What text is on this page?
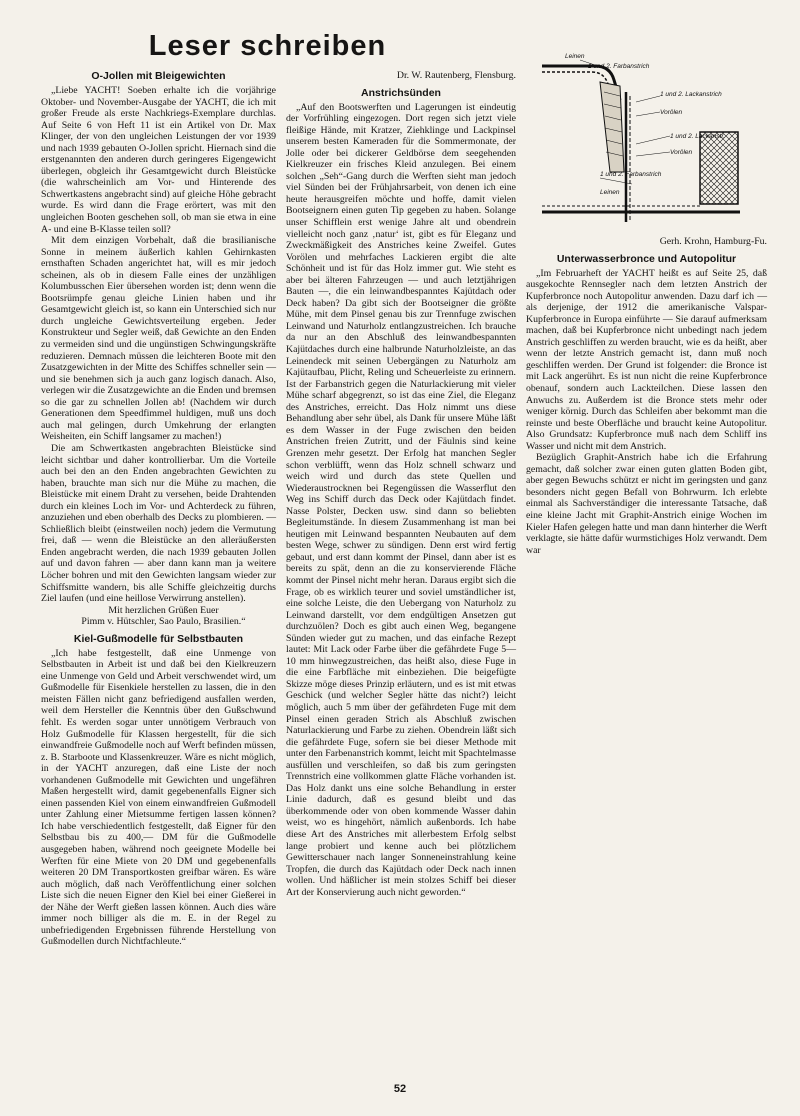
Leser schreiben	Leinen
1 und 2. Farbanstrich
1 und 2. Lackanstrich
Vorölen
1 und 2. Lackanstr.
Vorölen
1 und 2. Farbanstrich
Leinen
O-Jollen mit Bleigewichten

„Liebe YACHT! Soeben erhalte ich die vorjährige Oktober- und November-Ausgabe der YACHT, die ich mit großer Freude als erste Nachkriegs-Exemplare durchlas. Auf Seite 6 von Heft 11 ist ein Artikel von Dr. Max Klinger, der von den ungleichen Leistungen der vor 1939 und nach 1939 gebauten O-Jollen spricht. Hiernach sind die erstgenannten den anderen durch geringeres Eigengewicht überlegen, obgleich ihr Gesamtgewicht durch Bleistücke (die wahrscheinlich am Vor- und Hinterende des Schwertkastens angebracht sind) auf gleiche Höhe gebracht wurde. Es wird dann die Frage erörtert, was mit den ungleichen Booten geschehen soll, ob man sie etwa in eine A- und eine B-Klasse teilen soll?

Mit dem einzigen Vorbehalt, daß die brasilianische Sonne in meinem äußerlich kahlen Gehirnkasten ernsthaften Schaden angerichtet hat, will es mir jedoch scheinen, als ob in diesem Falle eines der unzähligen Kolumbusschen Eier übersehen worden ist; denn wenn die Bootsrümpfe genau gleiche Linien haben und ihr Gesamtgewicht gleich ist, so kann ein Unterschied sich nur durch ungleiche Gewichtsverteilung ergeben. Jeder Konstrukteur und Segler weiß, daß Gewichte an den Enden zu vermeiden sind und die ungünstigen Schwingungskräfte reduzieren. Demnach müssen die leichteren Boote mit den Zusatzgewichten in der Mitte des Schiffes schneller sein — und sie benehmen sich ja auch ganz logisch danach. Also, verlegen wir die Zusatzgewichte an die Enden und bremsen so die gar zu schnellen Jollen ab! (Nachdem wir durch Generationen dem Speedfimmel huldigen, muß uns doch auch mal gelingen, durch Umkehrung der erlangten Weisheiten, ein Schiff langsamer zu machen!)

Die am Schwertkasten angebrachten Bleistücke sind leicht sichtbar und daher kontrollierbar. Um die Vorteile auch bei den an den Enden angebrachten Gewichten zu haben, brauchte man sich nur die Mühe zu machen, die Bleistücke mit einem Draht zu versehen, beide Drahtenden durch ein kleines Loch im Vor- und Achterdeck zu führen, anzuziehen und eben oberhalb des Decks zu plombieren. — Schließlich bleibt (einstweilen noch) jedem die Vermutung frei, daß — wenn die Bleistücke an den alleräußersten Enden angebracht werden, die nach 1939 gebauten Jollen auf und davon fahren — aber dann kann man ja weitere Löcher bohren und mit den Gewichten langsam wieder zur Schiffsmitte wandern, bis alle Schiffe gleichzeitig durchs Ziel laufen (und eine heillose Verwirrung anstellen).

Mit herzlichen Grüßen Euer

Pimm v. Hütschler, Sao Paulo, Brasilien.“

Kiel-Gußmodelle für Selbstbauten

„Ich habe festgestellt, daß eine Unmenge von Selbstbauten in Arbeit ist und daß bei den Kielkreuzern eine Unmenge von Geld und Arbeit verschwendet wird, um Gußmodelle für Eisenkiele herstellen zu lassen, die in den meisten Fällen nicht ganz befriedigend ausfallen werden, weil dem Hersteller die Kenntnis über den Gußschwund fehlt. Es werden sogar unter unnötigem Verbrauch von Holz Gußmodelle für Klassen hergestellt, für die sich einwandfreie Gußmodelle noch auf Werft befinden müssen, z. B. Starboote und Klassenkreuzer. Wäre es nicht möglich, in der YACHT anzuregen, daß eine Liste der noch vorhandenen Gußmodelle mit Gewichten und ungefähren Maßen hergestellt wird, damit gegebenenfalls Eigner sich einen passenden Kiel von einem einwandfreien Gußmodell unter Zahlung einer Mietsumme fertigen lassen können? Ich habe verschiedentlich festgestellt, daß Eigner für den Selbstbau bis zu 400,— DM für die Gußmodelle ausgegeben haben, während noch geeignete Modelle bei Werften für eine Miete von 20 DM und gegebenenfalls weiteren 20 DM Transportkosten greifbar wären. Es wäre auch möglich, daß nach Veröffentlichung einer solchen Liste sich die neuen Eigner den Kiel bei einer Gießerei in der Nähe der Werft gießen lassen können. Auch dies wäre immer noch billiger als die m. E. in der Regel zu unbefriedigenden Ergebnissen führende Herstellung von Gußmodellen durch Nichtfachleute.“

Dr. W. Rautenberg, Flensburg.

Anstrichsünden

„Auf den Bootswerften und Lagerungen ist eindeutig der Vorfrühling eingezogen. Dort regen sich jetzt viele fleißige Hände, mit Kratzer, Ziehklinge und Lackpinsel unserem besten Kameraden für die Sommermonate, der Jolle oder bei dickerer Geldbörse dem seegehenden Kielkreuzer ein frisches Kleid anzulegen. Bei einem solchen „Seh“-Gang durch die Werften sieht man jedoch viel Sünden bei der Frühjahrsarbeit, von denen ich eine heute herausgreifen möchte und hoffe, damit vielen Bootseignern einen guten Tip gegeben zu haben. Solange unser Schifflein erst wenige Jahre alt und obendrein vielleicht noch ganz ‚natur‘ ist, gibt es für Eleganz und Zweckmäßigkeit des Anstriches keine Zweifel. Gutes Vorölen und mehrfaches Lackieren ergibt die alte Schönheit und ist für das Holz immer gut. Wie steht es aber bei älteren Fahrzeugen — und auch letztjährigen Bauten —, die ein leinwandbespanntes Kajütdach oder Deck haben? Da gibt sich der Bootseigner die größte Mühe, mit dem Pinsel genau bis zur Trennfuge zwischen Leinwand und Naturholz entlangzustreichen. Ich brauche da nur an den Abschluß des leinwandbespannten Kajütdaches durch eine halbrunde Naturholzleiste, an das Leinendeck mit seinen Uebergängen zu Naturholz am Kajütaufbau, Plicht, Reling und Scheuerleiste zu erinnern. Ist der Farbanstrich gegen die Naturlackierung mit vieler Mühe scharf abgegrenzt, so ist das eine Ziel, die Eleganz des Anstriches, erreicht. Das Holz nimmt uns diese Behandlung aber sehr übel, als Dank für unsere Mühe läßt es dem Wasser in der Fuge zwischen den beiden Anstrichen freien Zutritt, und der Fäulnis sind keine Grenzen mehr gesetzt. Der Erfolg hat manchen Segler schon verblüfft, wenn das Holz schnell schwarz und weich wird und durch das stete Quellen und Wiederaustrocknen bei Regengüssen die Wasserflut den Weg ins Schiff durch das Deck oder Kajütdach findet. Nasse Polster, Decken usw. sind dann so beliebten Begleitumstände. In diesem Zusammenhang ist man bei heutigen mit Leinwand bespannten Neubauten auf dem besten Wege, schwer zu sündigen. Denn erst wird fertig gebaut, und erst dann kommt der Pinsel, dann aber ist es bereits zu spät, denn an die zu konservierende Fläche kommt der Pinsel nicht mehr heran. Daraus ergibt sich die Frage, ob es wirklich teurer und soviel umständlicher ist, eine solche Leiste, die den Uebergang von Naturholz zu Leinwand darstellt, vor dem endgültigen Ansetzen gut durchzuölen? Doch es gibt auch einen Weg, begangene Sünden wieder gut zu machen, und das einfache Rezept lautet: Mit Lack oder Farbe über die gefährdete Fuge 5—10 mm hinwegzustreichen, das heißt also, diese Fuge in die eine Farbfläche mit einbeziehen. Die beigefügte Skizze möge dieses Prinzip erläutern, und es ist mit etwas Geschick (und welcher Segler hätte das nicht?) leicht möglich, auch 5 mm über der gefährdeten Fuge mit dem Pinsel einen geraden Strich als Abschluß zwischen Naturlackierung und Farbe zu ziehen. Obendrein läßt sich die gefährdete Fuge, sofern sie bei dieser Methode mit unter den Farbenanstrich kommt, leicht mit Spachtelmasse ausfüllen und verschleifen, so daß bis zum geringsten Trennstrich eine vollkommen glatte Fläche vorhanden ist. Das Holz dankt uns eine solche Behandlung in erster Linie dadurch, daß es gesund bleibt und das überkommende oder von oben kommende Wasser dahin weist, wo es hingehört, nämlich außenbords. Ich habe diese Art des Anstriches mit allerbestem Erfolg selbst lange probiert und kenne auch bei plötzlichem Gewitterschauer nach langer Sonneneinstrahlung keine Tropfen, die durch das Kajütdach oder Deck nach innen wollen. Und häßlicher ist mein stolzes Schiff bei dieser Art der Konservierung auch nicht geworden.“

Gerh. Krohn, Hamburg-Fu.

Unterwasserbronce und Autopolitur

„Im Februarheft der YACHT heißt es auf Seite 25, daß ausgekochte Rennsegler nach dem letzten Anstrich der Kupferbronce noch Autopolitur anwenden. Dazu darf ich — als derjenige, der 1912 die amerikanische Valspar-Kupferbronce in Europa einführte — Sie darauf aufmerksam machen, daß bei Kupferbronce nicht unbedingt nach jedem Anstrich geschliffen zu werden braucht, wie es da heißt, aber wenn der letzte Anstrich gemacht ist, dann muß noch geschliffen werden. Der Grund ist folgender: die Bronce ist mit Lack angerührt. Es ist nun nicht die reine Kupferbronce obenauf, sondern auch Lackteilchen. Diese lassen den Anwuchs zu. Außerdem ist die Bronce stets mehr oder weniger körnig. Durch das Schleifen aber bekommt man die reinste und beste Oberfläche und braucht keine Autopolitur. Also Grundsatz: Kupferbronce muß nach dem Schliff ins Wasser und nicht mit dem Anstrich.

Bezüglich Graphit-Anstrich habe ich die Erfahrung gemacht, daß solcher zwar einen guten glatten Boden gibt, aber gegen Bewuchs schützt er nicht im geringsten und ganz besonders nicht gegen Befall von Bohrwurm. Ich erlebte einmal als Sachverständiger die interessante Tatsache, daß eine kleine Jacht mit Graphit-Anstrich einige Wochen im Kieler Hafen gelegen hatte und man dann hinterher die Werft verklagte, sie hätte dafür wurmstichiges Holz verwandt. Dem war

52
